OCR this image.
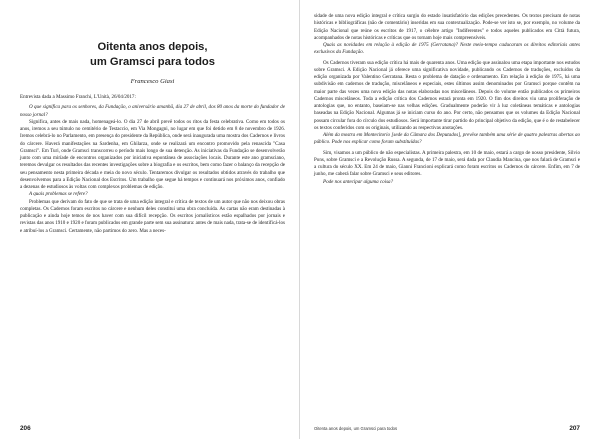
Oitenta anos depois,
um Gramsci para todos
Francesco Giasi

Entrevista dada a Massimo Franchi, L'Unità, 26/04/2017:

O que significa para os senhores, da Fundação, o aniversário amanhã, dia 27 de abril, dos 80 anos da morte do fundador de nosso jornal?

Significa, antes de mais nada, homenageá-lo. O dia 27 de abril prevê todos os ritos da festa celebrativa. Como em todos os anos, iremos a seu túmulo no cemitério de Testaccio, em Via Mongagni, no lugar em que foi detido em 8 de novembro de 1926. Iremos celebrá-lo no Parlamento, em presença do presidente da República, onde será inaugurada uma mostra dos Cadernos e livros do cárcere. Haverá manifestações na Sardenha, em Ghilarza, onde se realizará um encontro promovido pela renascida "Casa Gramsci". Em Turi, onde Gramsci transcorreu o período mais longo de sua detenção. As iniciativas da Fundação se desenvolverão junto com uma miríade de encontros organizados por iniciativa espontânea de associações locais. Durante este ano gramsciano, teremos devulgar os resultados das recentes investigações sobre a biografia e os escritos, bem como fazer o balanço da recepção de seu pensamento nesta primeira década e meia do novo século. Tentaremos divulgar os resultados obtidos através do trabalho que desenvolvemos para a Edição Nacional dos Escritos. Um trabalho que segue há tempos e continuará nos próximos anos, confiado a dezenas de estudiosos às voltas com complexos problemas de edição.

A quais problemas se refere?

Problemas que derivam do fato de que se trata de uma edição integral e crítica de textos de um autor que não nos deixou obras completas. Os Cadernos foram escritos no cárcere e nenhum deles constitui uma obra concluída. As cartas não eram destinadas à publicação e ainda hoje temos de nos haver com sua difícil recepção. Os escritos jornalísticos estão espalhados por jornais e revistas das anos 1910 e 1920 e foram publicados em grande parte sem sua assinatura: antes de mais nada, trata-se de identificá-los e atribuí-los a Gramsci. Certamente, não partimos do zero. Mas a neces-

206

sidade de uma nova edição integral e crítica surgiu do estado insatisfatório das edições precedentes. Os textos precisam de notas históricas e bibliográficas (não de comentário) inseridas em sua contextualização. Pode-se ver isto se, por exemplo, no volume da Edição Nacional que reúne os escritos de 1917, o célebre artigo "Indiferentes" e todos aqueles publicados em Città futura, acompanhados de notas históricas e críticas que os tornam hoje mais compreensíveis.

Quais as novidades em relação à edição de 1975 (Gerratana)? Neste meio-tempo caducaram os direitos editoriais antes exclusivos da Fundação.

Os Cadernos tiveram sua edição crítica há mais de quarenta anos. Uma edição que assinalou uma etapa importante nos estudos sobre Gramsci. A Edição Nacional já oferece uma significativa novidade, publicando os Cadernos de traduções, excluídos da edição organizada por Valentino Gerratana. Resta o problema de datação e ordenamento. Em relação à edição de 1975, há uma subdivisão em cadernos de tradução, miscelâneos e especiais, estes últimos assim denominados por Gramsci porque contêm na maior parte das vezes uma nova edição das notas elaboradas nos miscelâneos. Depois do volume então publicados os primeiros Cadernos miscelâneos. Toda a edição crítica dos Cadernos estará pronta em 1920. O fim dos direitos viu uma proliferação de antologias que, no entanto, baseiam-se nas velhas edições. Gradualmente poderão vir à luz coletâneas temáticas e antologias baseadas na Edição Nacional. Algumas já se iniciam curso do ano. Por certo, não pensamos que os volumes da Edição Nacional possam circular fora do círculo dos estudiosos. Será importante tirar partido do principal objetivo da edição, que é o de restabelecer os textos conferidos com os originais, utilizando as respectivas anotações.

Além da mostra em Montecitorio [sede da Câmara dos Deputados], prevêse também uma série de quatro palestras abertas ao público. Pode nos explicar como foram substituídas?

Sim, visamos a um público de não especialistas. A primeira palestra, em 10 de maio, estará a cargo de nosso presidente, Silvio Pons, sobre Gramsci e a Revolução Russa. A segunda, de 17 de maio, será dada por Claudia Mancina, que nos falará de Gramsci e a cultura do século XX. Em 24 de maio, Gianni Francioni explicará como foram escritos os Cadernos do cárcere. Enfim, em 7 de junho, me caberá falar sobre Gramsci e seus editores.

Pode nos antecipar alguma coisa?

Oitenta anos depois, um Gramsci para todos	207
